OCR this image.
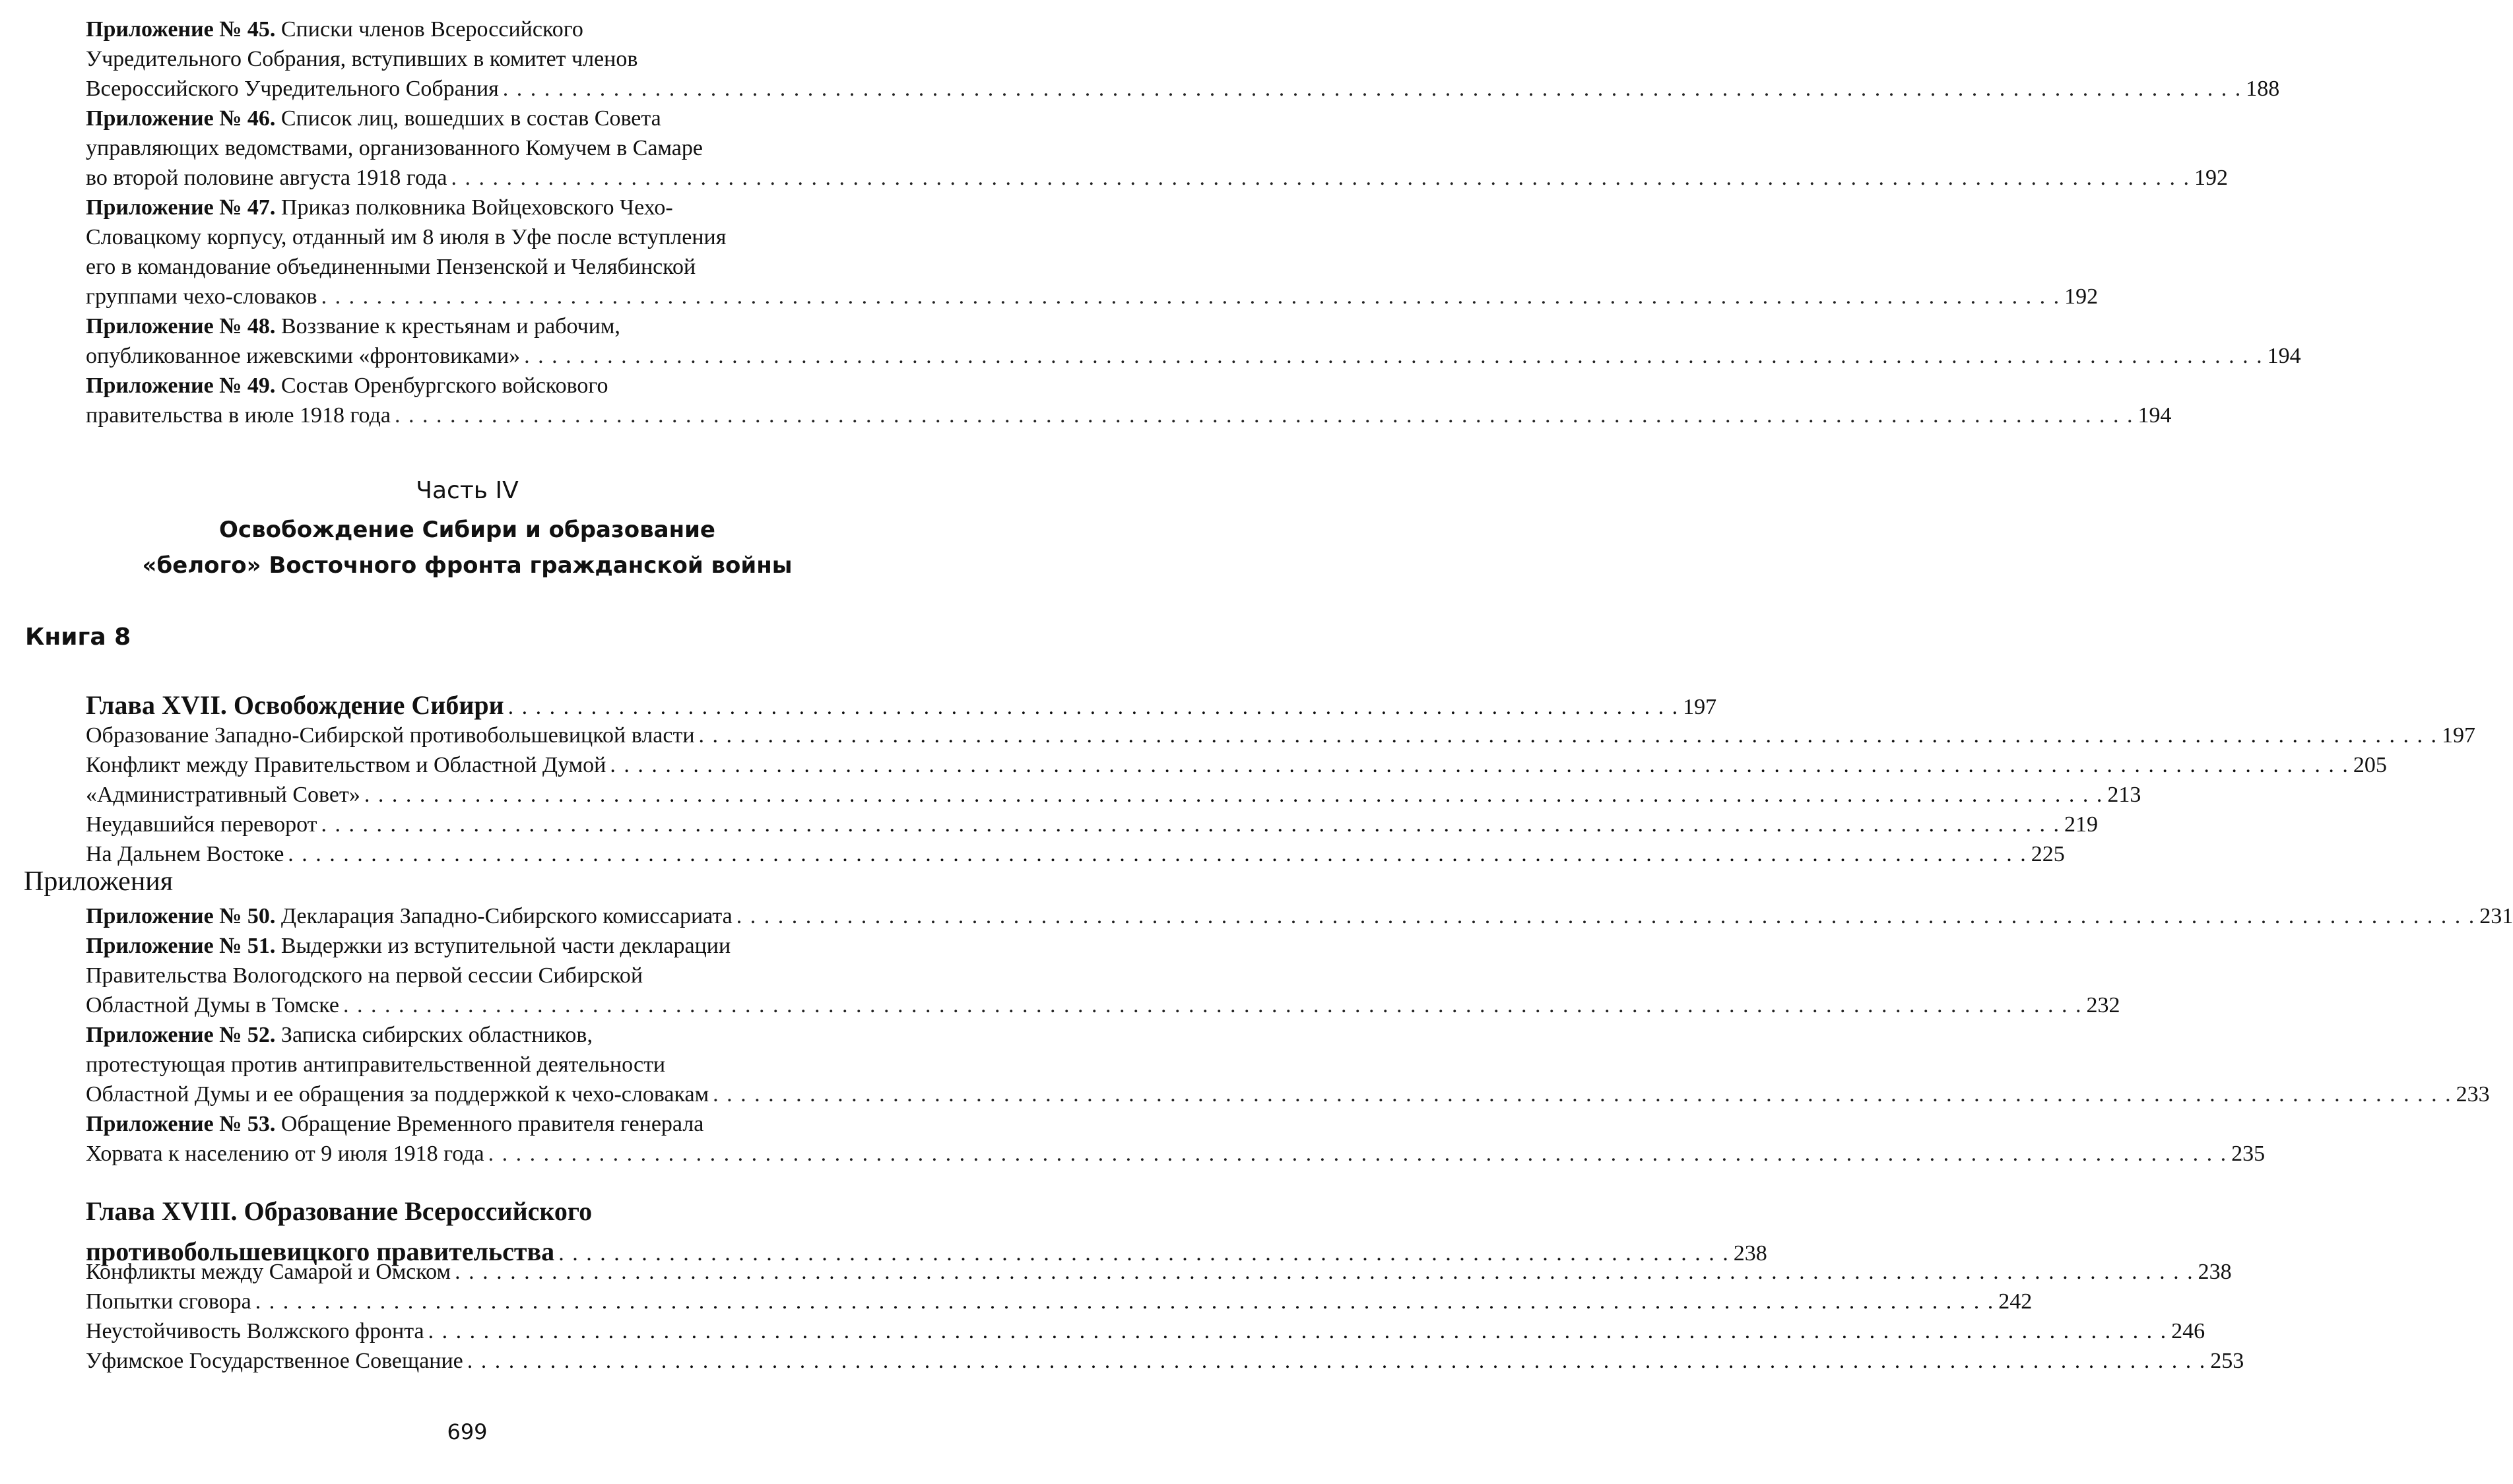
Приложение № 45. Списки членов Всероссийского
Учредительного Собрания, вступивших в комитет членов
Всероссийского Учредительного Собрания . . . . . . . . . . . . . . . . . . . . . . . . . . . . . . . . . . . . . . . . . . . . . . . . . . . . . . . . . . . . . . . . . . . . . . . . . . . . . . . . . . . . . . . . . . . . . . . . . . . . . . . . . . . . . . . . . . . . . . . . . . . . . . 188
Приложение № 46. Список лиц, вошедших в состав Совета
управляющих ведомствами, организованного Комучем в Самаре
во второй половине августа 1918 года . . . . . . . . . . . . . . . . . . . . . . . . . . . . . . . . . . . . . . . . . . . . . . . . . . . . . . . . . . . . . . . . . . . . . . . . . . . . . . . . . . . . . . . . . . . . . . . . . . . . . . . . . . . . . . . . . . . . . . . . . . . . . . 192
Приложение № 47. Приказ полковника Войцеховского Чехо-
Словацкому корпусу, отданный им 8 июля в Уфе после вступления
его в командование объединенными Пензенской и Челябинской
группами чехо-словаков . . . . . . . . . . . . . . . . . . . . . . . . . . . . . . . . . . . . . . . . . . . . . . . . . . . . . . . . . . . . . . . . . . . . . . . . . . . . . . . . . . . . . . . . . . . . . . . . . . . . . . . . . . . . . . . . . . . . . . . . . . . . . . 192
Приложение № 48. Воззвание к крестьянам и рабочим,
опубликованное ижевскими «фронтовиками» . . . . . . . . . . . . . . . . . . . . . . . . . . . . . . . . . . . . . . . . . . . . . . . . . . . . . . . . . . . . . . . . . . . . . . . . . . . . . . . . . . . . . . . . . . . . . . . . . . . . . . . . . . . . . . . . . . . . . . . . . . . . . . 194
Приложение № 49. Состав Оренбургского войскового
правительства в июле 1918 года . . . . . . . . . . . . . . . . . . . . . . . . . . . . . . . . . . . . . . . . . . . . . . . . . . . . . . . . . . . . . . . . . . . . . . . . . . . . . . . . . . . . . . . . . . . . . . . . . . . . . . . . . . . . . . . . . . . . . . . . . . . . . . 194
Часть IV
Освобождение Сибири и образование
«белого» Восточного фронта гражданской войны
Книга 8
Глава XVII. Освобождение Сибири . . . . . . . . . . . . . . . . . . . . . . . . . . . . . . . . . . . . . . . . . . . . . . . . . . . . . . . . . . . . . . . . . . . . . . . . . . . . . . . . . . . . . 197
Образование Западно-Сибирской противобольшевицкой власти . . . . . . . . . . . . . . . . . . . . . . . . . . . . . . . . . . . . . . . . . . . . . . . . . . . . . . . . . . . . . . . . . . . . . . . . . . . . . . . . . . . . . . . . . . . . . . . . . . . . . . . . . . . . . . . . . . . . . . . . . . . . . . 197
Конфликт между Правительством и Областной Думой . . . . . . . . . . . . . . . . . . . . . . . . . . . . . . . . . . . . . . . . . . . . . . . . . . . . . . . . . . . . . . . . . . . . . . . . . . . . . . . . . . . . . . . . . . . . . . . . . . . . . . . . . . . . . . . . . . . . . . . . . . . . . . 205
«Административный Совет» . . . . . . . . . . . . . . . . . . . . . . . . . . . . . . . . . . . . . . . . . . . . . . . . . . . . . . . . . . . . . . . . . . . . . . . . . . . . . . . . . . . . . . . . . . . . . . . . . . . . . . . . . . . . . . . . . . . . . . . . . . . . . . 213
Неудавшийся переворот . . . . . . . . . . . . . . . . . . . . . . . . . . . . . . . . . . . . . . . . . . . . . . . . . . . . . . . . . . . . . . . . . . . . . . . . . . . . . . . . . . . . . . . . . . . . . . . . . . . . . . . . . . . . . . . . . . . . . . . . . . . . . . 219
На Дальнем Востоке . . . . . . . . . . . . . . . . . . . . . . . . . . . . . . . . . . . . . . . . . . . . . . . . . . . . . . . . . . . . . . . . . . . . . . . . . . . . . . . . . . . . . . . . . . . . . . . . . . . . . . . . . . . . . . . . . . . . . . . . . . . . . . 225
Приложения
Приложение № 50. Декларация Западно-Сибирского комиссариата . . . . . . . . . . . . . . . . . . . . . . . . . . . . . . . . . . . . . . . . . . . . . . . . . . . . . . . . . . . . . . . . . . . . . . . . . . . . . . . . . . . . . . . . . . . . . . . . . . . . . . . . . . . . . . . . . . . . . . . . . . . . . . 231
Приложение № 51. Выдержки из вступительной части декларации
Правительства Вологодского на первой сессии Сибирской
Областной Думы в Томске . . . . . . . . . . . . . . . . . . . . . . . . . . . . . . . . . . . . . . . . . . . . . . . . . . . . . . . . . . . . . . . . . . . . . . . . . . . . . . . . . . . . . . . . . . . . . . . . . . . . . . . . . . . . . . . . . . . . . . . . . . . . . . 232
Приложение № 52. Записка сибирских областников,
протестующая против антиправительственной деятельности
Областной Думы и ее обращения за поддержкой к чехо-словакам . . . . . . . . . . . . . . . . . . . . . . . . . . . . . . . . . . . . . . . . . . . . . . . . . . . . . . . . . . . . . . . . . . . . . . . . . . . . . . . . . . . . . . . . . . . . . . . . . . . . . . . . . . . . . . . . . . . . . . . . . . . . . . 233
Приложение № 53. Обращение Временного правителя генерала
Хорвата к населению от 9 июля 1918 года . . . . . . . . . . . . . . . . . . . . . . . . . . . . . . . . . . . . . . . . . . . . . . . . . . . . . . . . . . . . . . . . . . . . . . . . . . . . . . . . . . . . . . . . . . . . . . . . . . . . . . . . . . . . . . . . . . . . . . . . . . . . . . 235
Глава XVIII. Образование Всероссийского
противобольшевицкого правительства . . . . . . . . . . . . . . . . . . . . . . . . . . . . . . . . . . . . . . . . . . . . . . . . . . . . . . . . . . . . . . . . . . . . . . . . . . . . . . . . . . . . . 238
Конфликты между Самарой и Омском . . . . . . . . . . . . . . . . . . . . . . . . . . . . . . . . . . . . . . . . . . . . . . . . . . . . . . . . . . . . . . . . . . . . . . . . . . . . . . . . . . . . . . . . . . . . . . . . . . . . . . . . . . . . . . . . . . . . . . . . . . . . . . 238
Попытки сговора . . . . . . . . . . . . . . . . . . . . . . . . . . . . . . . . . . . . . . . . . . . . . . . . . . . . . . . . . . . . . . . . . . . . . . . . . . . . . . . . . . . . . . . . . . . . . . . . . . . . . . . . . . . . . . . . . . . . . . . . . . . . . . 242
Неустойчивость Волжского фронта . . . . . . . . . . . . . . . . . . . . . . . . . . . . . . . . . . . . . . . . . . . . . . . . . . . . . . . . . . . . . . . . . . . . . . . . . . . . . . . . . . . . . . . . . . . . . . . . . . . . . . . . . . . . . . . . . . . . . . . . . . . . . . 246
Уфимское Государственное Совещание . . . . . . . . . . . . . . . . . . . . . . . . . . . . . . . . . . . . . . . . . . . . . . . . . . . . . . . . . . . . . . . . . . . . . . . . . . . . . . . . . . . . . . . . . . . . . . . . . . . . . . . . . . . . . . . . . . . . . . . . . . . . . . 253
699
